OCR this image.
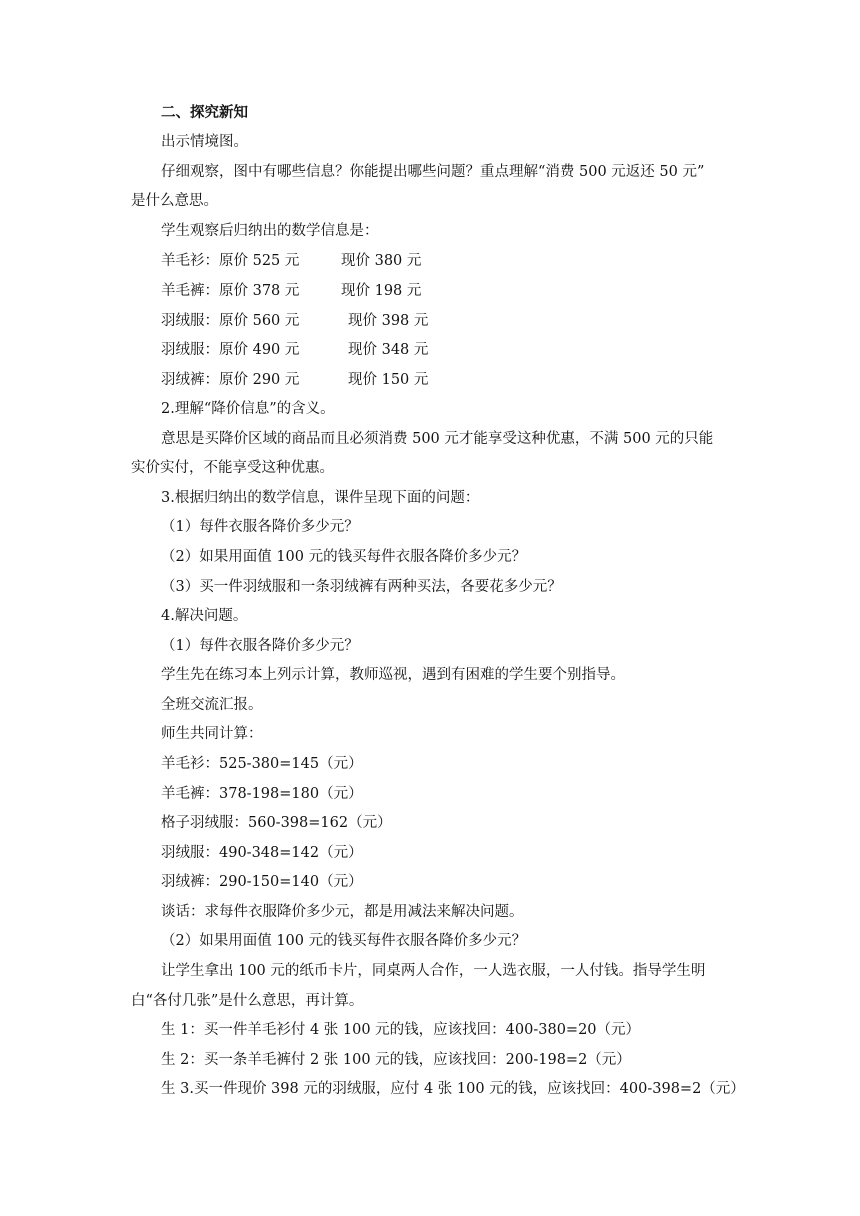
二、探究新知
出示情境图。
仔细观察，图中有哪些信息？你能提出哪些问题？重点理解“消费 500 元返还 50 元”
是什么意思。
学生观察后归纳出的数学信息是：
羊毛衫：原价 525 元	现价 380 元
羊毛裤：原价 378 元	现价 198 元
羽绒服：原价 560 元	现价 398 元
羽绒服：原价 490 元	现价 348 元
羽绒裤：原价 290 元	现价 150 元
2.理解“降价信息”的含义。
意思是买降价区域的商品而且必须消费 500 元才能享受这种优惠，不满 500 元的只能
实价实付，不能享受这种优惠。
3.根据归纳出的数学信息，课件呈现下面的问题：
（1）每件衣服各降价多少元？
（2）如果用面值 100 元的钱买每件衣服各降价多少元？
（3）买一件羽绒服和一条羽绒裤有两种买法，各要花多少元？
4.解决问题。
（1）每件衣服各降价多少元？
学生先在练习本上列示计算，教师巡视，遇到有困难的学生要个别指导。
全班交流汇报。
师生共同计算：
羊毛衫：525-380=145（元）
羊毛裤：378-198=180（元）
格子羽绒服：560-398=162（元）
羽绒服：490-348=142（元）
羽绒裤：290-150=140（元）
谈话：求每件衣服降价多少元，都是用减法来解决问题。
（2）如果用面值 100 元的钱买每件衣服各降价多少元？
让学生拿出 100 元的纸币卡片，同桌两人合作，一人选衣服，一人付钱。指导学生明
白“各付几张”是什么意思，再计算。
生 1：买一件羊毛衫付 4 张 100 元的钱，应该找回：400-380=20（元）
生 2：买一条羊毛裤付 2 张 100 元的钱，应该找回：200-198=2（元）
生 3.买一件现价 398 元的羽绒服，应付 4 张 100 元的钱，应该找回：400-398=2（元）
